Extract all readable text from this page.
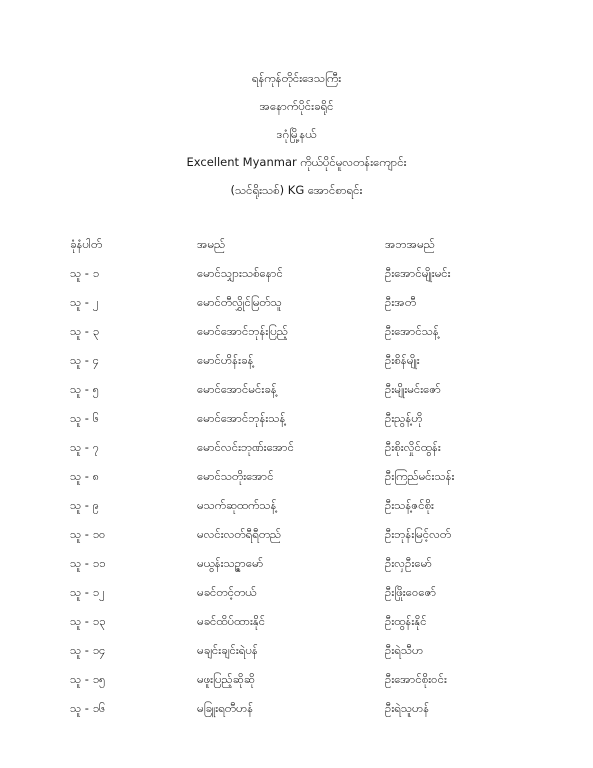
ရန်ကုန်တိုင်းဒေသကြီး
အနောက်ပိုင်းခရိုင်
ဒဂုံမြို့နယ်
Excellent Myanmar ကိုယ်ပိုင်မူလတန်းကျောင်း
(သင်ရိုးသစ်) KG အောင်စာရင်း
ခုံနံပါတ်	အမည်	အဘအမည်
သူ - ၁	မောင်သျှားသစ်နောင်	ဦးအောင်မျိုးမင်း
သူ - ၂	မောင်တီလွှိုင်မြတ်သူ	ဦးအတီ
သူ - ၃	မောင်အောင်ဘုန်းပြည့်	ဦးအောင်သန့်
သူ - ၄	မောင်ဟိန်းခန့်	ဦးစိန်မျိုး
သူ - ၅	မောင်အောင်မင်းခန့်	ဦးမျိုးမင်းဇော်
သူ - ၆	မောင်အောင်ဘုန်းသန့်	ဦးညွန့်ဟို
သူ - ၇	မောင်လင်းဘုဏ်းအောင်	ဦးစိုးလှိုင်ထွန်း
သူ - ၈	မောင်သတိုးအောင်	ဦးကြည်မင်းသန်း
သူ - ၉	မသက်ဆုထက်သန့်	ဦးသန့်ဇင်စိုး
သူ - ၁၀	မလင်းလတ်ရီရီတည်	ဦးဘုန်းမြင့်လတ်
သူ - ၁၁	မယွန်းသဉ္ဇာမော်	ဦးလှဦးမော်
သူ - ၁၂	မခင်တင့်တယ်	ဦးဖြိုးဝေဇော်
သူ - ၁၃	မခင်ထိပ်ထားနိုင်	ဦးထွန်းနိုင်
သူ - ၁၄	မချင်းချင်းရဲပန်	ဦးရဲသီဟ
သူ - ၁၅	မဖူးပြည့်ဆိုဆို	ဦးအောင်စိုးဝင်း
သူ - ၁၆	မခြူးရတီဟန်	ဦးရဲသူဟန်
